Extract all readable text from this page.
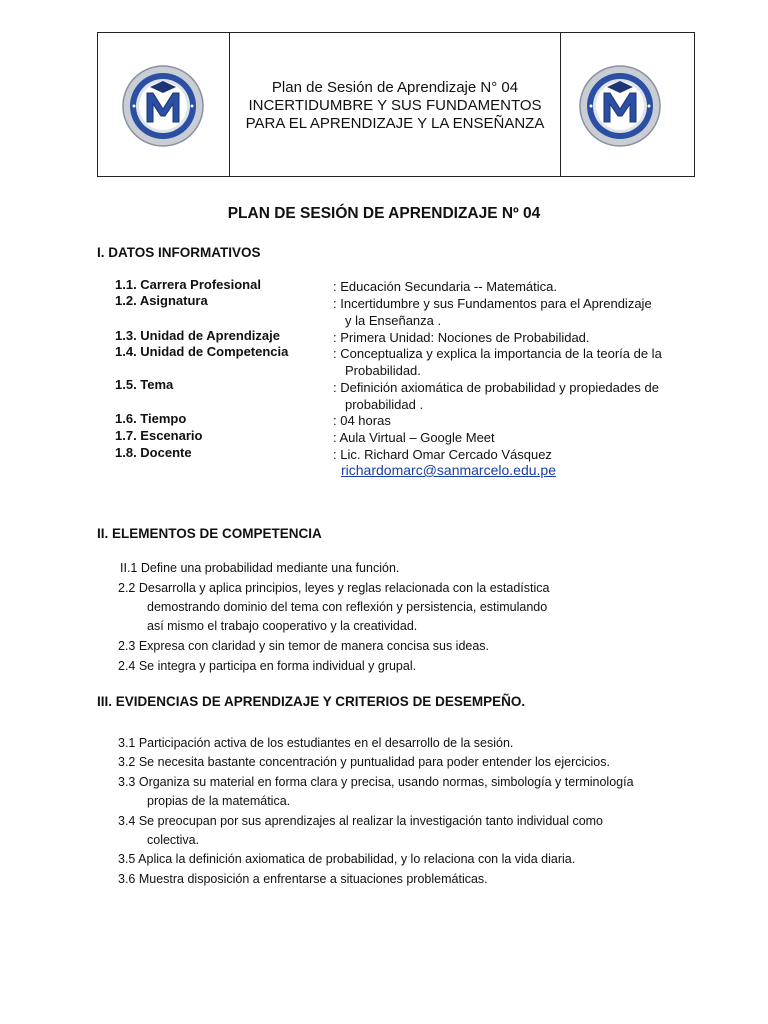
Plan de Sesión de Aprendizaje N° 04
INCERTIDUMBRE Y SUS FUNDAMENTOS
PARA EL APRENDIZAJE Y LA ENSEÑANZA
PLAN DE SESIÓN DE APRENDIZAJE Nº 04
I. DATOS INFORMATIVOS
1.1. Carrera Profesional	: Educación Secundaria -- Matemática.
1.2. Asignatura	: Incertidumbre y sus Fundamentos para el Aprendizaje
y la Enseñanza .
1.3. Unidad de Aprendizaje	: Primera Unidad: Nociones de Probabilidad.
1.4. Unidad de Competencia	: Conceptualiza y explica la importancia de la teoría de la
Probabilidad.
1.5. Tema	: Definición axiomática de probabilidad y propiedades de
probabilidad .
1.6. Tiempo	: 04 horas
1.7. Escenario	: Aula Virtual – Google Meet
1.8. Docente	: Lic. Richard Omar Cercado Vásquez
richardomarc@sanmarcelo.edu.pe
II. ELEMENTOS DE COMPETENCIA
II.1 Define una probabilidad mediante una función.
2.2 Desarrolla y aplica principios, leyes y reglas relacionada con la estadística
demostrando dominio del tema con reflexión y persistencia, estimulando
así mismo el trabajo cooperativo y la creatividad.
2.3 Expresa con claridad y sin temor de manera concisa sus ideas.
2.4 Se integra y participa en forma individual y grupal.
III. EVIDENCIAS DE APRENDIZAJE Y CRITERIOS DE DESEMPEÑO.
3.1 Participación activa de los estudiantes en el desarrollo de la sesión.
3.2 Se necesita bastante concentración y puntualidad para poder entender los ejercicios.
3.3 Organiza su material en forma clara y precisa, usando normas, simbología y terminología
propias de la matemática.
3.4 Se preocupan por sus aprendizajes al realizar la investigación tanto individual como
colectiva.
3.5 Aplica la definición axiomatica de probabilidad, y lo relaciona con la vida diaria.
3.6 Muestra disposición a enfrentarse a situaciones problemáticas.
